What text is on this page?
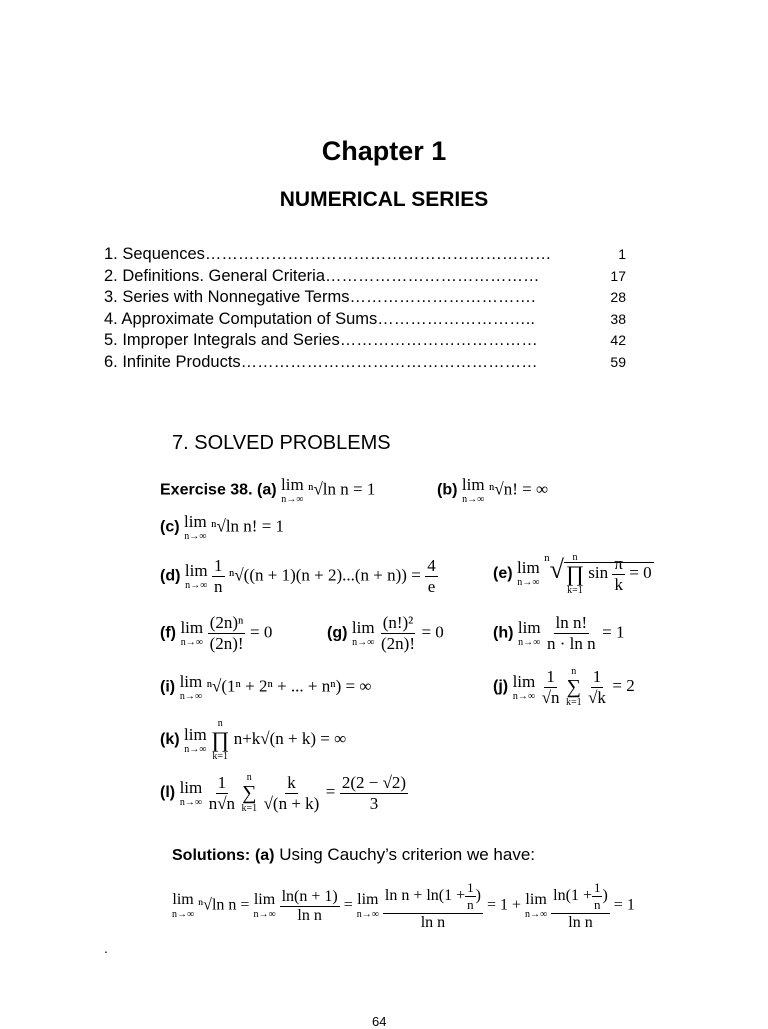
Chapter 1
NUMERICAL SERIES
1. Sequences………………………………………………………	1
2. Definitions. General Criteria…………………………………	17
3. Series with Nonnegative Terms…………………………….	28
4. Approximate Computation of Sums………………………..	38
5. Improper Integrals and Series………………………………	42
6. Infinite Products………………………………………………	59
7. SOLVED PROBLEMS
Exercise 38. (a) lim
n→∞
ⁿ√ln n = 1	(b) lim
n→∞
ⁿ√n! = ∞
(c) lim
n→∞
ⁿ√ln n! = 1
(d) lim
n→∞
$\frac{1}{n} ^n√((n + 1)(n + 2)...(n + n)) = \frac{4}{e}$	(e) lim
n→∞
$^n$√ n
∏
k=1
$\sin \frac{\pi}{k} = 0$
(f) lim
n→∞
$\frac{\text{(2n)ⁿ}}{(2n)!} = 0$	(g) lim
n→∞
$\frac{\text{(n!)²}}{(2n)!} = 0$	(h) lim
n→∞
$\frac{\text{ln n!}}{\text{n · ln n}} = 1$
(i) lim
n→∞
ⁿ√(1ⁿ + 2ⁿ + ... + nⁿ) = ∞	(j) lim
n→∞
$\frac{1}{√n}$
n
∑
k=1
$\frac{1}{√k} = 2$
(k) lim
n→∞

n
∏
k=1
n+k√(n + k) = ∞
(l) lim
n→∞
$\frac{1}{n√n}$
n
∑
k=1
$\frac{k}{√(n + k)} = \frac{2(2 - √2)}{3}$
Solutions: (a) Using Cauchy’s criterion we have:
lim
n→∞
ⁿ√ln n = lim
n→∞
$\frac{\ln(n + 1)}{\text{ln n}} = \lim$
n→∞
$\frac{\ln n + \ln(1 + \frac{1}{n} )}{\text{ln n}} = 1 + \lim$
n→∞
$\frac{\ln(1 + \frac{1}{n} )}{\text{ln n}} = 1$
.
64
